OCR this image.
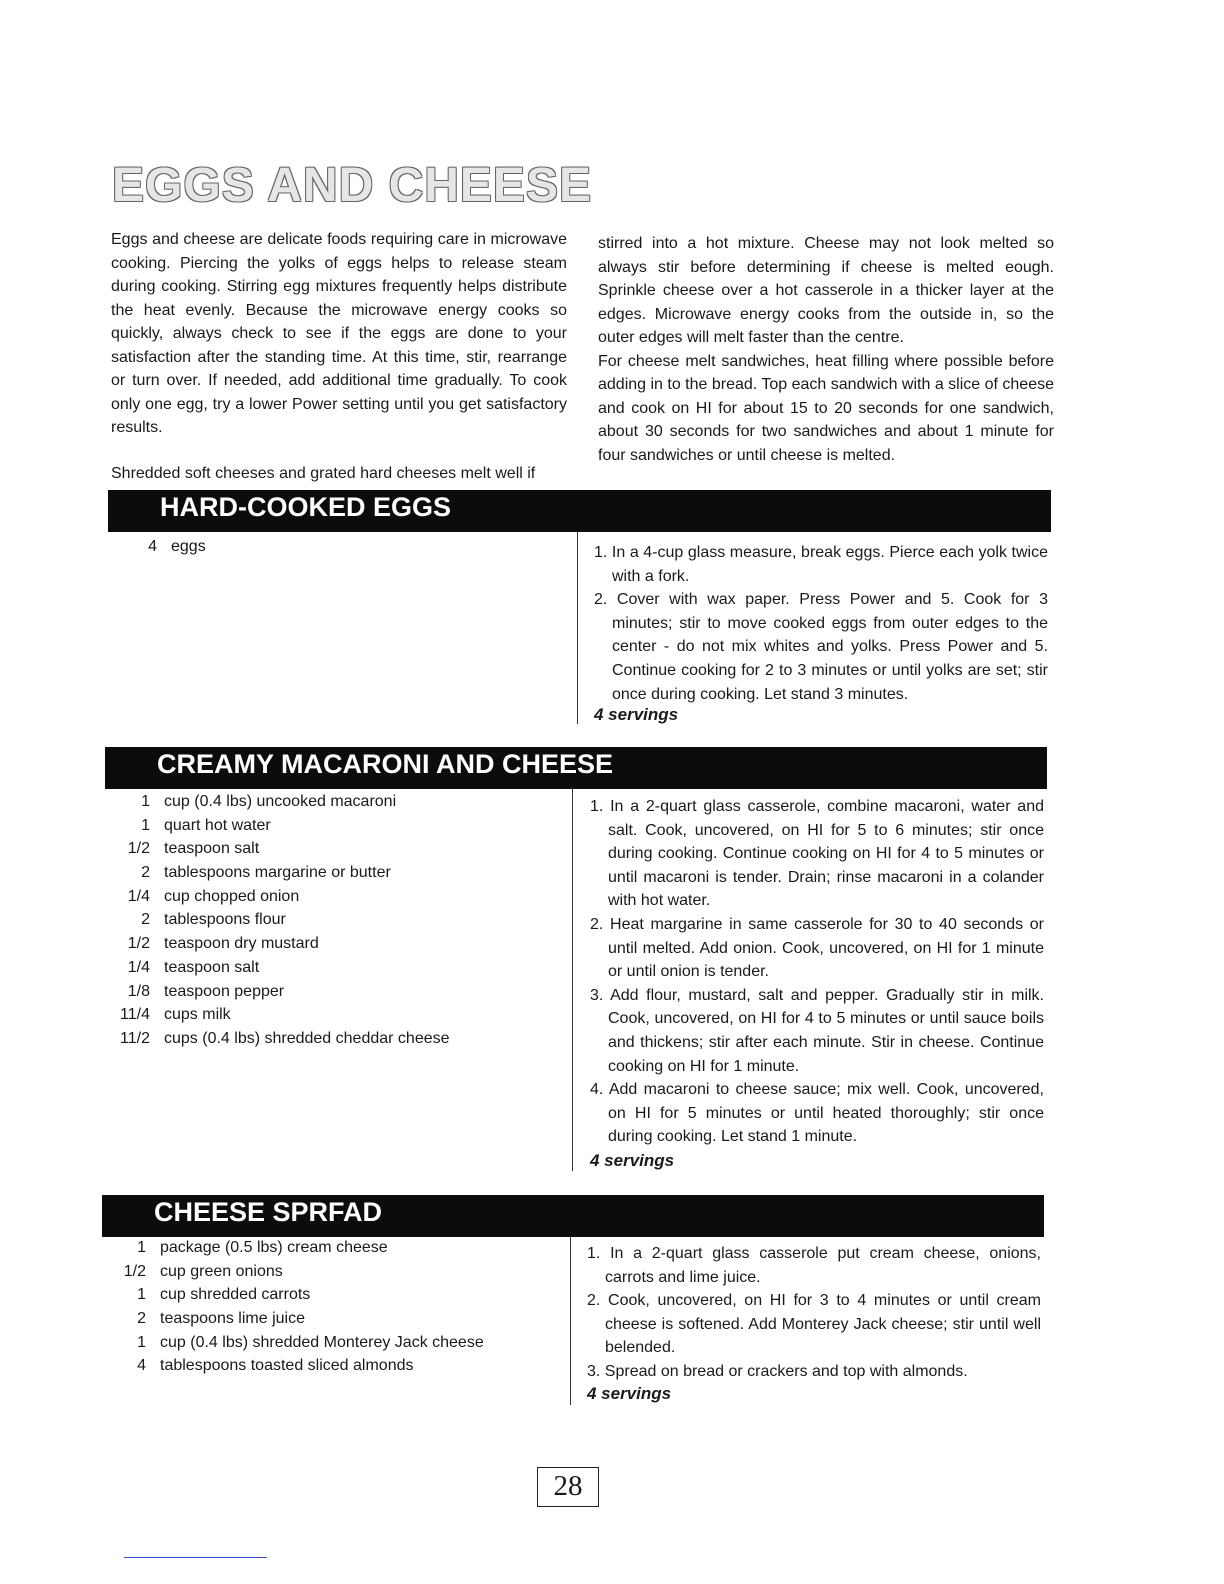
EGGS AND CHEESE

Eggs and cheese are delicate foods requiring care in microwave cooking. Piercing the yolks of eggs helps to release steam during cooking. Stirring egg mixtures frequently helps distribute the heat evenly. Because the microwave energy cooks so quickly, always check to see if the eggs are done to your satisfaction after the standing time. At this time, stir, rearrange or turn over. If needed, add additional time gradually. To cook only one egg, try a lower Power setting until you get satisfactory results.

Shredded soft cheeses and grated hard cheeses melt well if

stirred into a hot mixture. Cheese may not look melted so always stir before determining if cheese is melted eough. Sprinkle cheese over a hot casserole in a thicker layer at the edges. Microwave energy cooks from the outside in, so the outer edges will melt faster than the centre.

For cheese melt sandwiches, heat filling where possible before adding in to the bread. Top each sandwich with a slice of cheese and cook on HI for about 15 to 20 seconds for one sandwich, about 30 seconds for two sandwiches and about 1 minute for four sandwiches or until cheese is melted.

HARD-COOKED EGGS
4 eggs	1. In a 4-cup glass measure, break eggs. Pierce each yolk twice with a fork.
2. Cover with wax paper. Press Power and 5. Cook for 3 minutes; stir to move cooked eggs from outer edges to the center - do not mix whites and yolks. Press Power and 5. Continue cooking for 2 to 3 minutes or until yolks are set; stir once during cooking. Let stand 3 minutes.
4 servings
CREAMY MACARONI AND CHEESE
1 cup (0.4 lbs) uncooked macaroni
1 quart hot water
1/2 teaspoon salt
2 tablespoons margarine or butter
1/4 cup chopped onion
2 tablespoons flour
1/2 teaspoon dry mustard
1/4 teaspoon salt
1/8 teaspoon pepper
11/4 cups milk
11/2 cups (0.4 lbs) shredded cheddar cheese
1. In a 2-quart glass casserole, combine macaroni, water and salt. Cook, uncovered, on HI for 5 to 6 minutes; stir once during cooking. Continue cooking on HI for 4 to 5 minutes or until macaroni is tender. Drain; rinse macaroni in a colander with hot water.
2. Heat margarine in same casserole for 30 to 40 seconds or until melted. Add onion. Cook, uncovered, on HI for 1 minute or until onion is tender.
3. Add flour, mustard, salt and pepper. Gradually stir in milk. Cook, uncovered, on HI for 4 to 5 minutes or until sauce boils and thickens; stir after each minute. Stir in cheese. Continue cooking on HI for 1 minute.
4. Add macaroni to cheese sauce; mix well. Cook, uncovered, on HI for 5 minutes or until heated thoroughly; stir once during cooking. Let stand 1 minute.
4 servings
CHEESE SPRFAD
1 package (0.5 lbs) cream cheese
1/2 cup green onions
1 cup shredded carrots
2 teaspoons lime juice
1 cup (0.4 lbs) shredded Monterey Jack cheese
4 tablespoons toasted sliced almonds
1. In a 2-quart glass casserole put cream cheese, onions, carrots and lime juice.
2. Cook, uncovered, on HI for 3 to 4 minutes or until cream cheese is softened. Add Monterey Jack cheese; stir until well belended.
3. Spread on bread or crackers and top with almonds.
4 servings
28
